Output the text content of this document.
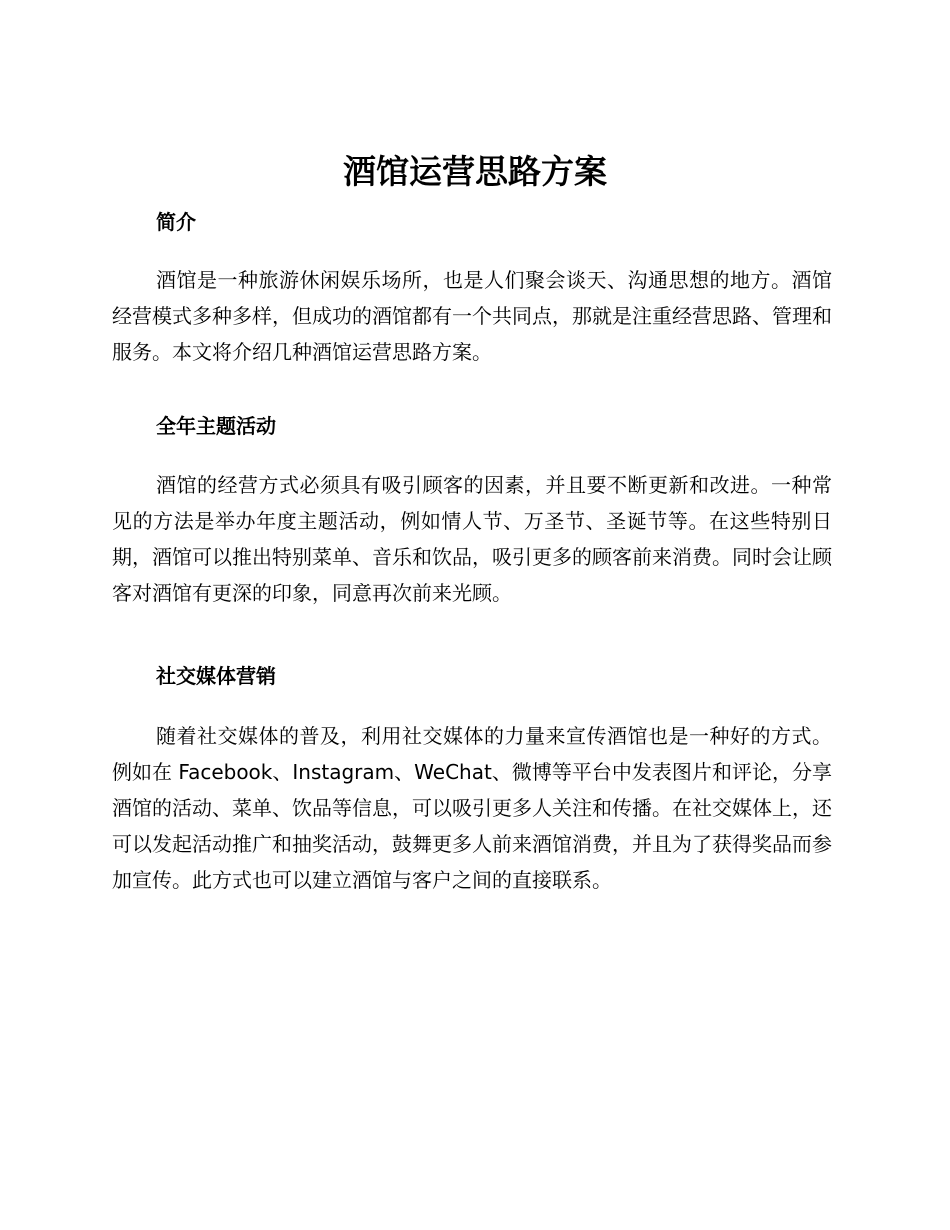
酒馆运营思路方案
简介

酒馆是一种旅游休闲娱乐场所，也是人们聚会谈天、沟通思想的地方。酒馆经营模式多种多样，但成功的酒馆都有一个共同点，那就是注重经营思路、管理和服务。本文将介绍几种酒馆运营思路方案。

全年主题活动

酒馆的经营方式必须具有吸引顾客的因素，并且要不断更新和改进。一种常见的方法是举办年度主题活动，例如情人节、万圣节、圣诞节等。在这些特别日期，酒馆可以推出特别菜单、音乐和饮品，吸引更多的顾客前来消费。同时会让顾客对酒馆有更深的印象，同意再次前来光顾。

社交媒体营销

随着社交媒体的普及，利用社交媒体的力量来宣传酒馆也是一种好的方式。例如在 Facebook、Instagram、WeChat、微博等平台中发表图片和评论，分享酒馆的活动、菜单、饮品等信息，可以吸引更多人关注和传播。在社交媒体上，还可以发起活动推广和抽奖活动，鼓舞更多人前来酒馆消费，并且为了获得奖品而参加宣传。此方式也可以建立酒馆与客户之间的直接联系。
